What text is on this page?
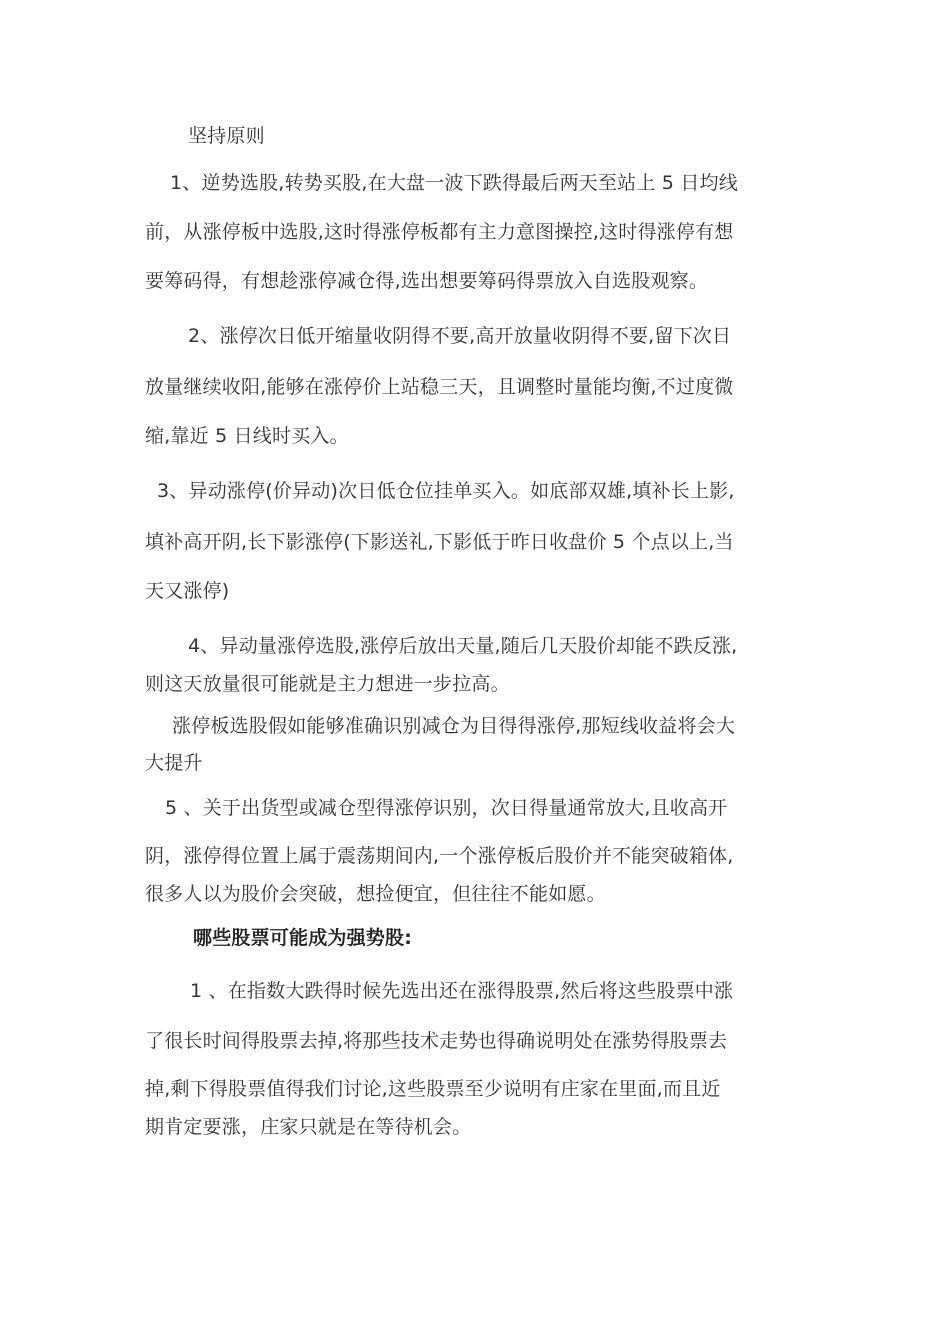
坚持原则
1、逆势选股,转势买股,在大盘一波下跌得最后两天至站上 5 日均线
前，从涨停板中选股,这时得涨停板都有主力意图操控,这时得涨停有想
要筹码得，有想趁涨停减仓得,选出想要筹码得票放入自选股观察。
2、涨停次日低开缩量收阴得不要,高开放量收阴得不要,留下次日
放量继续收阳,能够在涨停价上站稳三天，且调整时量能均衡,不过度微
缩,靠近 5 日线时买入。
3、异动涨停(价异动)次日低仓位挂单买入。如底部双雄,填补长上影,
填补高开阴,长下影涨停(下影送礼,下影低于昨日收盘价 5 个点以上,当
天又涨停)
4、异动量涨停选股,涨停后放出天量,随后几天股价却能不跌反涨,
则这天放量很可能就是主力想进一步拉高。
涨停板选股假如能够准确识别减仓为目得得涨停,那短线收益将会大
大提升
5 、关于出货型或减仓型得涨停识别，次日得量通常放大,且收高开
阴，涨停得位置上属于震荡期间内,一个涨停板后股价并不能突破箱体,
很多人以为股价会突破，想捡便宜，但往往不能如愿。
哪些股票可能成为强势股:
1 、在指数大跌得时候先选出还在涨得股票,然后将这些股票中涨
了很长时间得股票去掉,将那些技术走势也得确说明处在涨势得股票去
掉,剩下得股票值得我们讨论,这些股票至少说明有庄家在里面,而且近
期肯定要涨，庄家只就是在等待机会。
